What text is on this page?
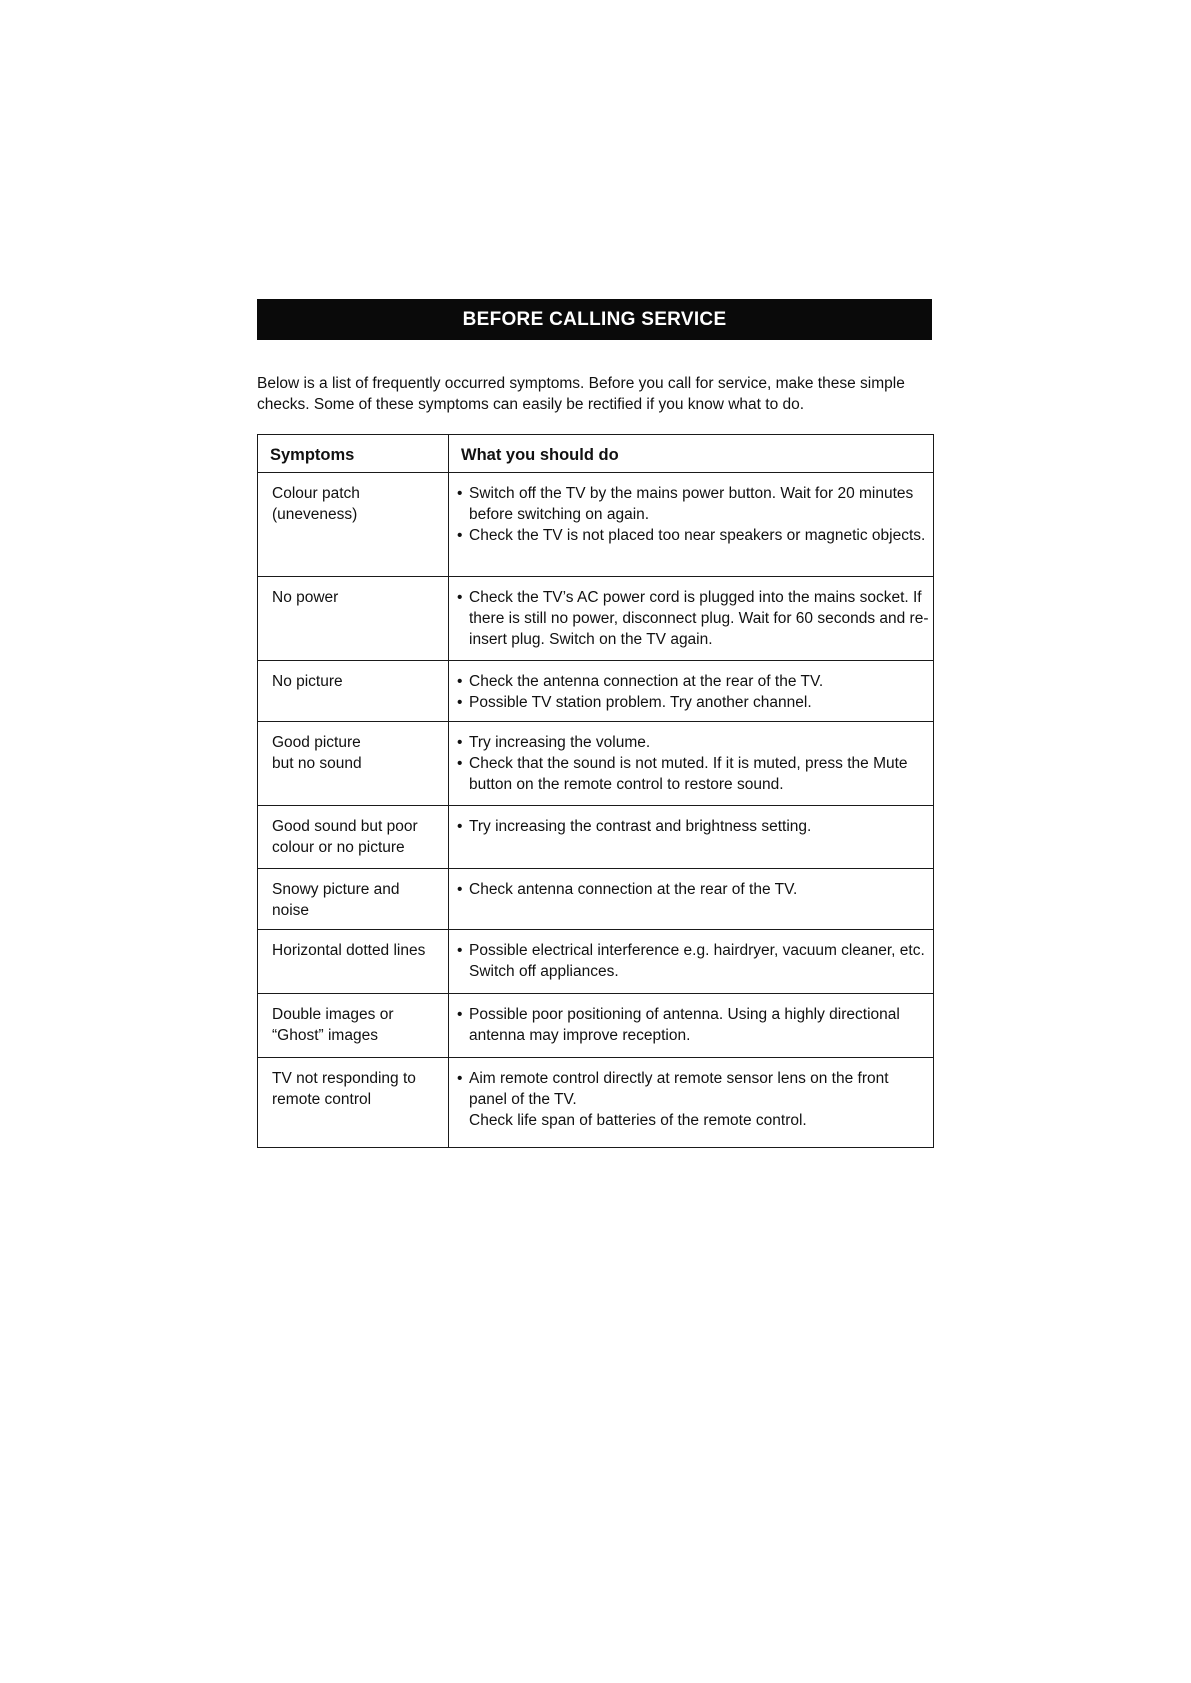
BEFORE CALLING SERVICE

Below is a list of frequently occurred symptoms. Before you call for service, make these simple

checks. Some of these symptoms can easily be rectified if you know what to do.

Symptoms	What you should do

Colour patch
(uneveness)	• Switch off the TV by the mains power button. Wait for 20 minutes before switching on again.
• Check the TV is not placed too near speakers or magnetic objects.

No power	• Check the TV’s AC power cord is plugged into the mains socket. If there is still no power, disconnect plug. Wait for 60 seconds and re-insert plug. Switch on the TV again.

No picture	• Check the antenna connection at the rear of the TV.
• Possible TV station problem. Try another channel.

Good picture
but no sound	• Try increasing the volume.
• Check that the sound is not muted. If it is muted, press the Mute button on the remote control to restore sound.

Good sound but poor
colour or no picture	• Try increasing the contrast and brightness setting.

Snowy picture and
noise	• Check antenna connection at the rear of the TV.

Horizontal dotted lines	• Possible electrical interference e.g. hairdryer, vacuum cleaner, etc. Switch off appliances.

Double images or
“Ghost” images	• Possible poor positioning of antenna. Using a highly directional antenna may improve reception.

TV not responding to
remote control	• Aim remote control directly at remote sensor lens on the front panel of the TV.
Check life span of batteries of the remote control.
